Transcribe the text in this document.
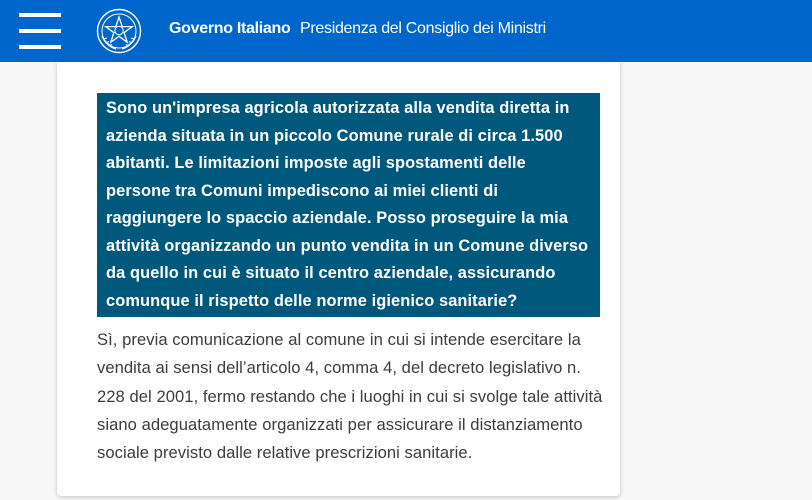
Governo Italiano Presidenza del Consiglio dei Ministri
Sono un'impresa agricola autorizzata alla vendita diretta in azienda situata in un piccolo Comune rurale di circa 1.500 abitanti. Le limitazioni imposte agli spostamenti delle persone tra Comuni impediscono ai miei clienti di raggiungere lo spaccio aziendale. Posso proseguire la mia attività organizzando un punto vendita in un Comune diverso da quello in cui è situato il centro aziendale, assicurando comunque il rispetto delle norme igienico sanitarie?
Sì, previa comunicazione al comune in cui si intende esercitare la vendita ai sensi dell’articolo 4, comma 4, del decreto legislativo n. 228 del 2001, fermo restando che i luoghi in cui si svolge tale attività siano adeguatamente organizzati per assicurare il distanziamento sociale previsto dalle relative prescrizioni sanitarie.
